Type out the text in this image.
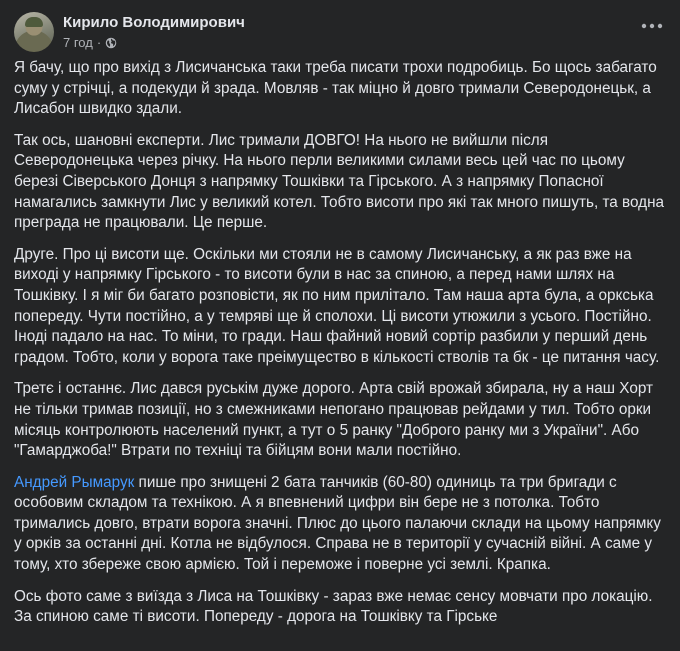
Кирило Володимирович
7 год ·

Я бачу, що про вихід з Лисичанська таки треба писати трохи подробиць. Бо щось забагато суму у стрічці, а подекуди й зрада. Мовляв - так міцно й довго тримали Северодонецьк, а Лисабон швидко здали.

Так ось, шановні експерти. Лис тримали ДОВГО! На нього не вийшли після Северодонецька через річку. На нього перли великими силами весь цей час по цьому березі Сіверського Донця з напрямку Тошківки та Гірського. А з напрямку Попасної намагались замкнути Лис у великий котел. Тобто висоти про які так много пишуть, та водна преграда не працювали. Це перше.

Друге. Про ці висоти ще. Оскільки ми стояли не в самому Лисичанську, а як раз вже на виході у напрямку Гірського - то висоти були в нас за спиною, а перед нами шлях на Тошківку. І я міг би багато розповісти, як по ним прилітало. Там наша арта була, а оркська попереду. Чути постійно, а у темряві ще й сполохи. Ці висоти утюжили з усього. Постійно. Іноді падало на нас. То міни, то гради. Наш файний новий сортір разбили у перший день градом. Тобто, коли у ворога таке преімущество в кількості стволів та бк - це питання часу.

Третє і останнє. Лис дався руськім дуже дорого. Арта свій врожай збирала, ну а наш Хорт не тільки тримав позиції, но з смежниками непогано працював рейдами у тил. Тобто орки місяць контролюють населений пункт, а тут о 5 ранку "Доброго ранку ми з України". Або "Гамарджоба!" Втрати по техніці та бійцям вони мали постійно.

Андрей Рымарук пише про знищені 2 бата танчиків (60-80) одиниць та три бригади с особовим складом та технікою. А я впевнений цифри він бере не з потолка. Тобто тримались довго, втрати ворога значні. Плюс до цього палаючи склади на цьому напрямку у орків за останні дні. Котла не відбулося. Справа не в території у сучасній війні. А саме у тому, хто збереже свою армією. Той і переможе і поверне усі землі. Крапка.

Ось фото саме з виїзда з Лиса на Тошківку - зараз вже немає сенсу мовчати про локацію. За спиною саме ті висоти. Попереду - дорога на Тошківку та Гірське
